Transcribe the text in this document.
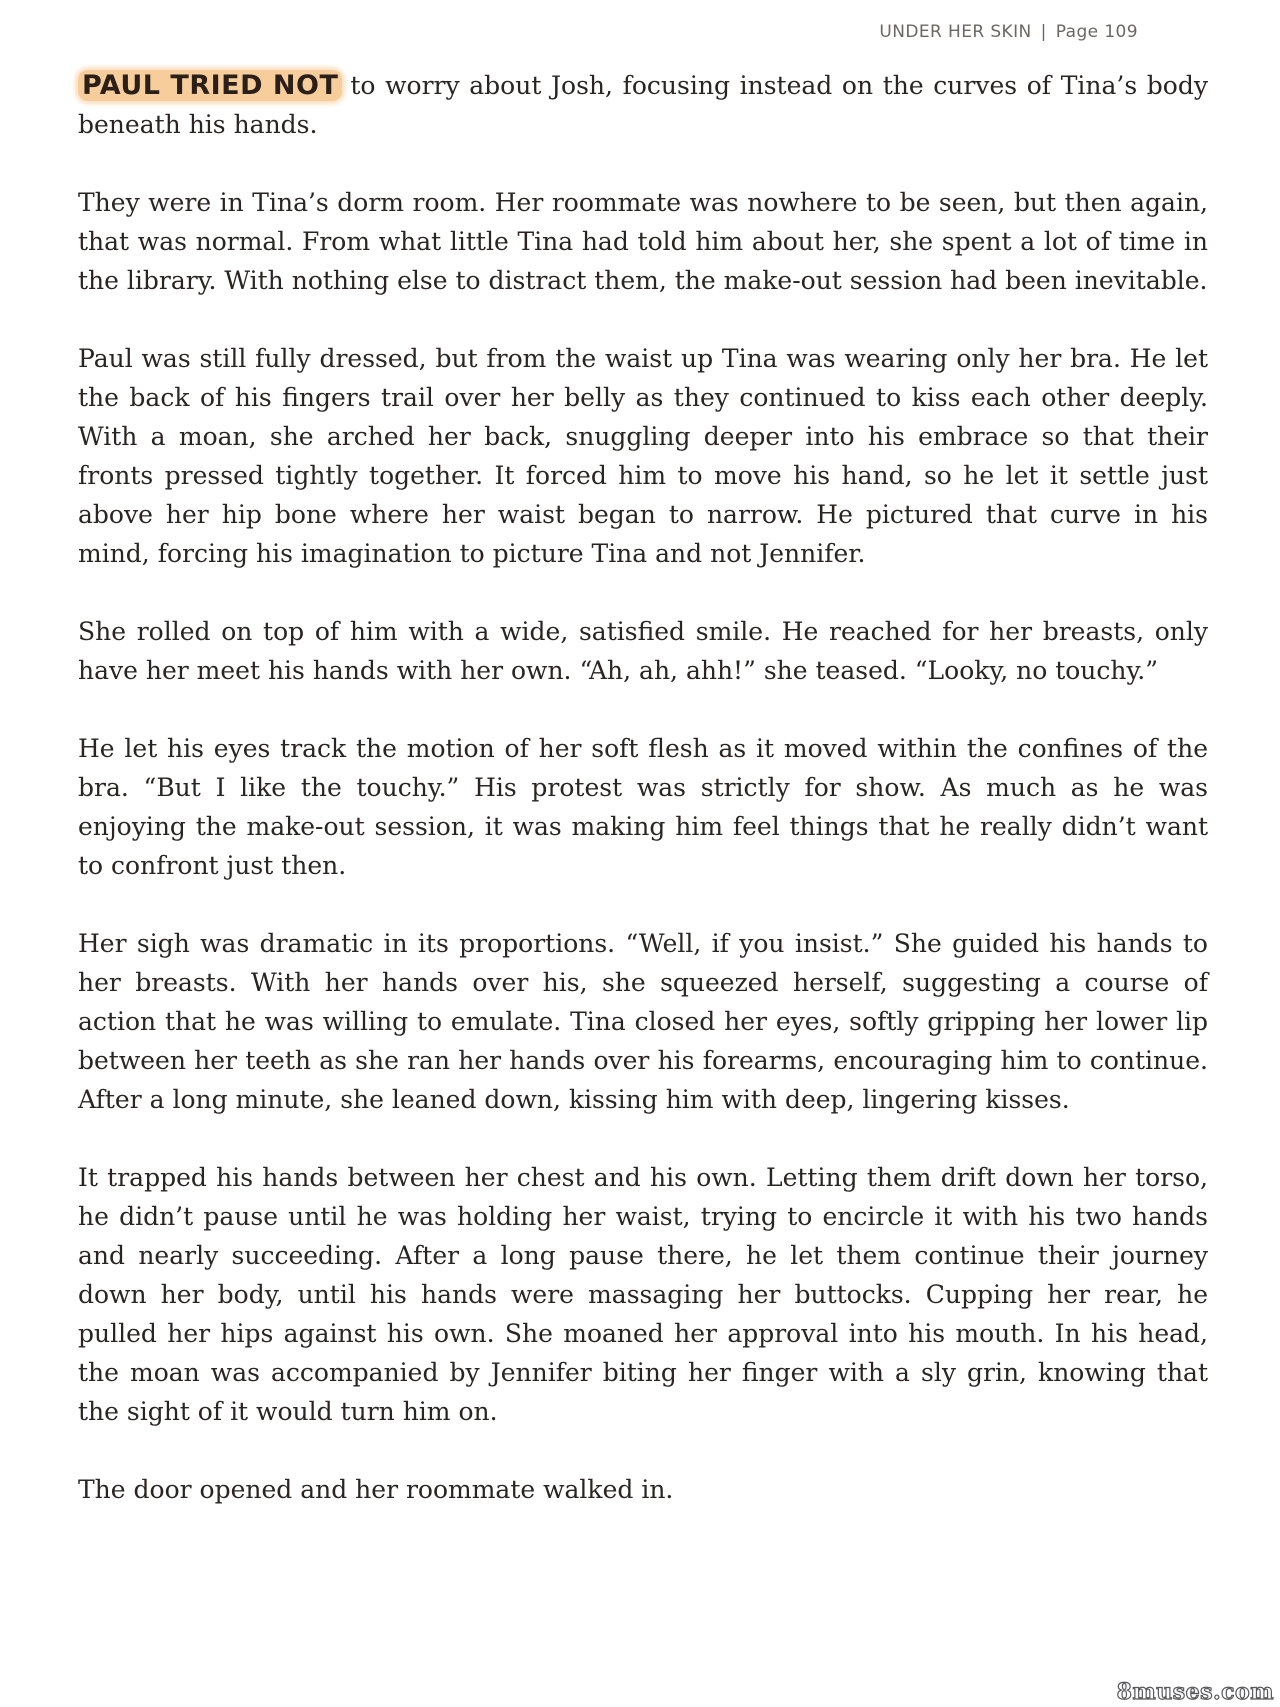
UNDER HER SKIN | Page 109

PAUL TRIED NOT to worry about Josh, focusing instead on the curves of Tina’s body beneath his hands.

They were in Tina’s dorm room. Her roommate was nowhere to be seen, but then again, that was normal. From what little Tina had told him about her, she spent a lot of time in the library. With nothing else to distract them, the make-out session had been inevitable.

Paul was still fully dressed, but from the waist up Tina was wearing only her bra. He let the back of his fingers trail over her belly as they continued to kiss each other deeply. With a moan, she arched her back, snuggling deeper into his embrace so that their fronts pressed tightly together. It forced him to move his hand, so he let it settle just above her hip bone where her waist began to narrow. He pictured that curve in his mind, forcing his imagination to picture Tina and not Jennifer.

She rolled on top of him with a wide, satisfied smile. He reached for her breasts, only have her meet his hands with her own. “Ah, ah, ahh!” she teased. “Looky, no touchy.”

He let his eyes track the motion of her soft flesh as it moved within the confines of the bra. “But I like the touchy.” His protest was strictly for show. As much as he was enjoying the make-out session, it was making him feel things that he really didn’t want to confront just then.

Her sigh was dramatic in its proportions. “Well, if you insist.” She guided his hands to her breasts. With her hands over his, she squeezed herself, suggesting a course of action that he was willing to emulate. Tina closed her eyes, softly gripping her lower lip between her teeth as she ran her hands over his forearms, encouraging him to continue. After a long minute, she leaned down, kissing him with deep, lingering kisses.

It trapped his hands between her chest and his own. Letting them drift down her torso, he didn’t pause until he was holding her waist, trying to encircle it with his two hands and nearly succeeding. After a long pause there, he let them continue their journey down her body, until his hands were massaging her buttocks. Cupping her rear, he pulled her hips against his own. She moaned her approval into his mouth. In his head, the moan was accompanied by Jennifer biting her finger with a sly grin, knowing that the sight of it would turn him on.

The door opened and her roommate walked in.

8muses.com
